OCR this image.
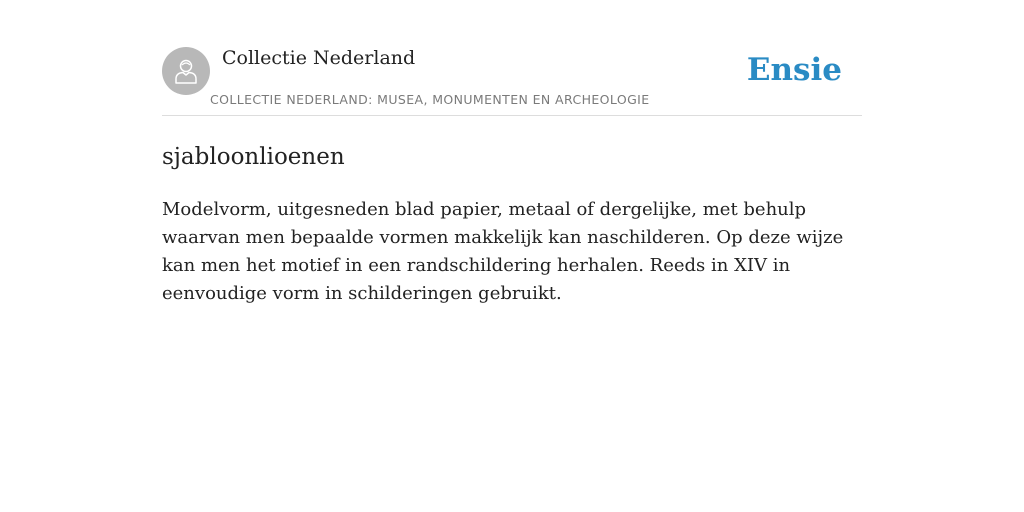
Collectie Nederland
COLLECTIE NEDERLAND: MUSEA, MONUMENTEN EN ARCHEOLOGIE
Ensie
sjabloonlioenen

Modelvorm, uitgesneden blad papier, metaal of dergelijke, met behulp waarvan men bepaalde vormen makkelijk kan naschilderen. Op deze wijze kan men het motief in een randschildering herhalen. Reeds in XIV in eenvoudige vorm in schilderingen gebruikt.
